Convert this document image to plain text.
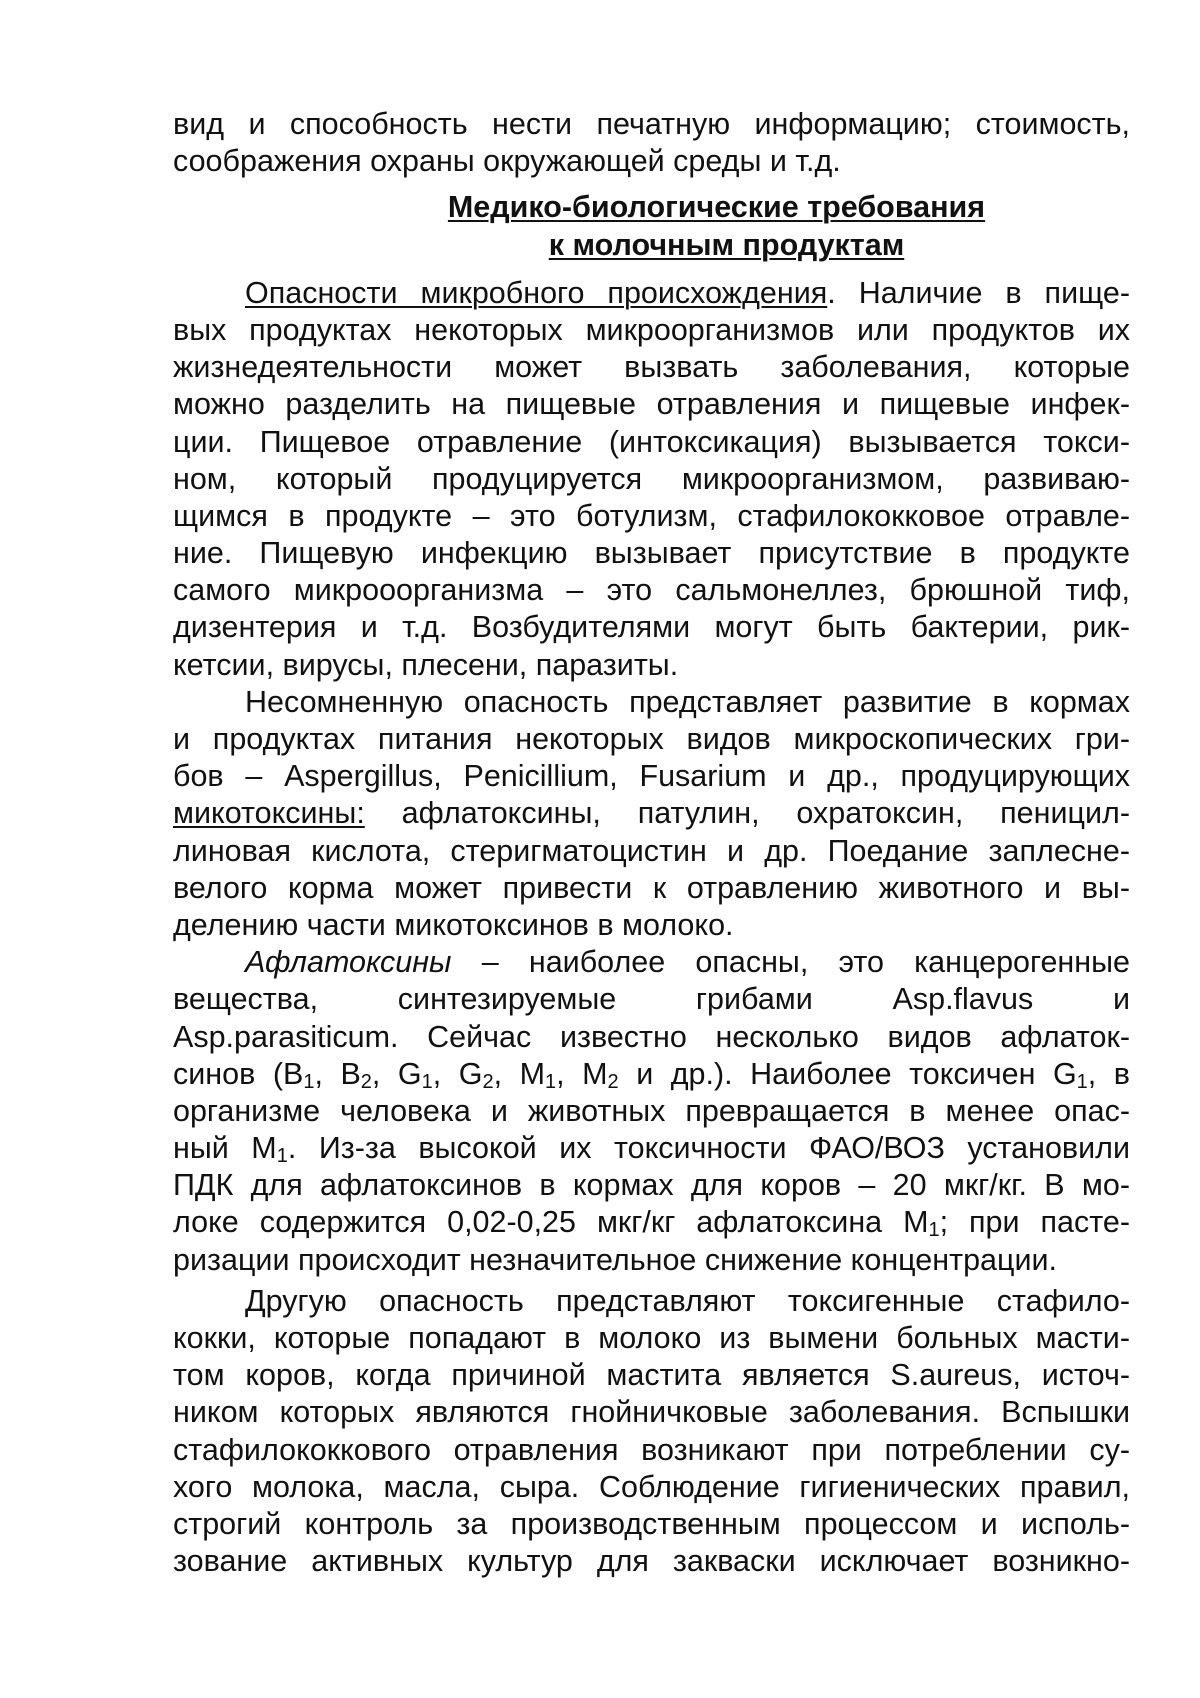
вид и способность нести печатную информацию; стоимость,
соображения охраны окружающей среды и т.д.
Медико-биологические требования
к молочным продуктам
Опасности микробного происхождения. Наличие в пище-
вых продуктах некоторых микроорганизмов или продуктов их
жизнедеятельности может вызвать заболевания, которые
можно разделить на пищевые отравления и пищевые инфек-
ции. Пищевое отравление (интоксикация) вызывается токси-
ном, который продуцируется микроорганизмом, развиваю-
щимся в продукте – это ботулизм, стафилококковое отравле-
ние. Пищевую инфекцию вызывает присутствие в продукте
самого микрооорганизма – это сальмонеллез, брюшной тиф,
дизентерия и т.д. Возбудителями могут быть бактерии, рик-
кетсии, вирусы, плесени, паразиты.
Несомненную опасность представляет развитие в кормах
и продуктах питания некоторых видов микроскопических гри-
бов – Aspergillus, Penicillium, Fusarium и др., продуцирующих
микотоксины: афлатоксины, патулин, охратоксин, пеницил-
линовая кислота, стеригматоцистин и др. Поедание заплесне-
велого корма может привести к отравлению животного и вы-
делению части микотоксинов в молоко.
Афлатоксины – наиболее опасны, это канцерогенные
вещества, синтезируемые грибами Asp.flavus и
Asp.parasiticum. Сейчас известно несколько видов афлаток-
синов ($B_1$, $B_2$, $G_1$, $G_2$, $M_1$, $M_2$ и др.). Наиболее токсичен $G_1$, в
организме человека и животных превращается в менее опас-
ный $M_1$. Из-за высокой их токсичности ФАО/ВОЗ установили
ПДК для афлатоксинов в кормах для коров – 20 мкг/кг. В мо-
локе содержится 0,02-0,25 мкг/кг афлатоксина $M_1$; при пасте-
ризации происходит незначительное снижение концентрации.
Другую опасность представляют токсигенные стафило-
кокки, которые попадают в молоко из вымени больных масти-
том коров, когда причиной мастита является S.aureus, источ-
ником которых являются гнойничковые заболевания. Вспышки
стафилококкового отравления возникают при потреблении су-
хого молока, масла, сыра. Соблюдение гигиенических правил,
строгий контроль за производственным процессом и исполь-
зование активных культур для закваски исключает возникно-
